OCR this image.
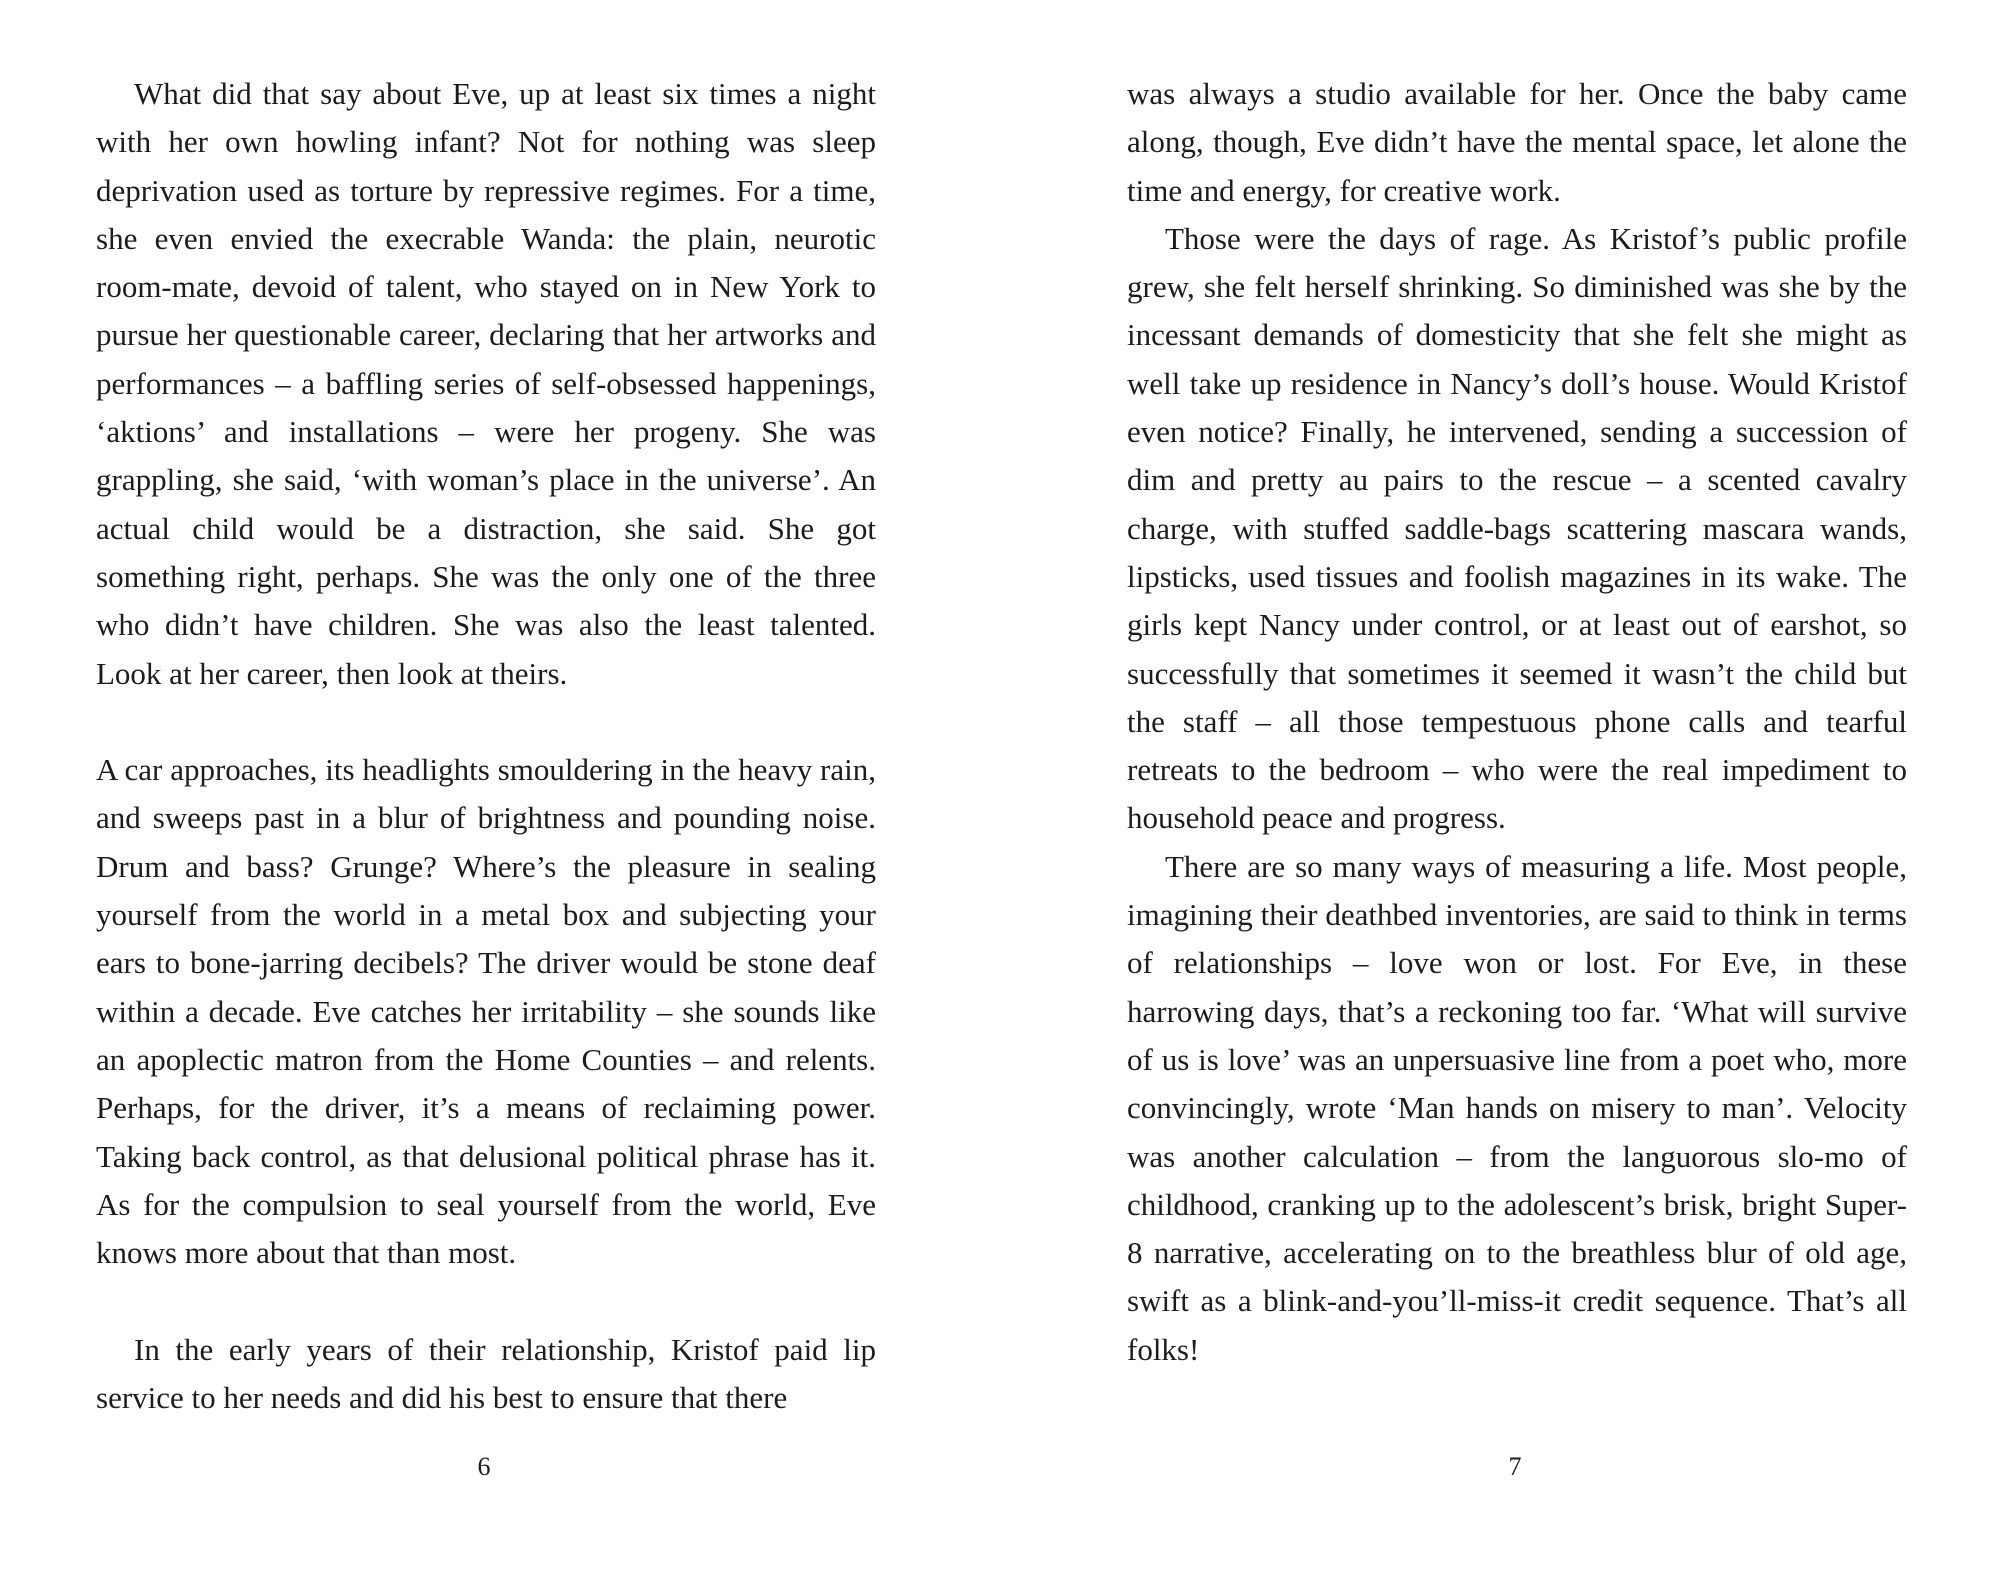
What did that say about Eve, up at least six times a night with her own howling infant? Not for nothing was sleep deprivation used as torture by repressive regimes. For a time, she even envied the execrable Wanda: the plain, neurotic room-mate, devoid of talent, who stayed on in New York to pursue her questionable career, declaring that her artworks and performances – a baffling series of self-obsessed happenings, ‘aktions’ and installations – were her progeny. She was grappling, she said, ‘with woman’s place in the universe’. An actual child would be a distraction, she said. She got something right, perhaps. She was the only one of the three who didn’t have children. She was also the least talented. Look at her career, then look at theirs.

A car approaches, its headlights smouldering in the heavy rain, and sweeps past in a blur of brightness and pounding noise. Drum and bass? Grunge? Where’s the pleasure in sealing yourself from the world in a metal box and subjecting your ears to bone-jarring decibels? The driver would be stone deaf within a decade. Eve catches her irritability – she sounds like an apoplectic matron from the Home Counties – and relents. Perhaps, for the driver, it’s a means of reclaiming power. Taking back control, as that delusional political phrase has it. As for the compulsion to seal yourself from the world, Eve knows more about that than most.

In the early years of their relationship, Kristof paid lip service to her needs and did his best to ensure that there

6

was always a studio available for her. Once the baby came along, though, Eve didn’t have the mental space, let alone the time and energy, for creative work.

Those were the days of rage. As Kristof’s public profile grew, she felt herself shrinking. So diminished was she by the incessant demands of domesticity that she felt she might as well take up residence in Nancy’s doll’s house. Would Kristof even notice? Finally, he intervened, sending a succession of dim and pretty au pairs to the rescue – a scented cavalry charge, with stuffed saddle-bags scattering mascara wands, lipsticks, used tissues and foolish magazines in its wake. The girls kept Nancy under control, or at least out of earshot, so successfully that sometimes it seemed it wasn’t the child but the staff – all those tempestuous phone calls and tearful retreats to the bedroom – who were the real impediment to household peace and progress.

There are so many ways of measuring a life. Most people, imagining their deathbed inventories, are said to think in terms of relationships – love won or lost. For Eve, in these harrowing days, that’s a reckoning too far. ‘What will survive of us is love’ was an unpersuasive line from a poet who, more convincingly, wrote ‘Man hands on misery to man’. Velocity was another calculation – from the languorous slo-mo of childhood, cranking up to the adolescent’s brisk, bright Super-8 narrative, accelerating on to the breathless blur of old age, swift as a blink-and-you’ll-miss-it credit sequence. That’s all folks!

7
